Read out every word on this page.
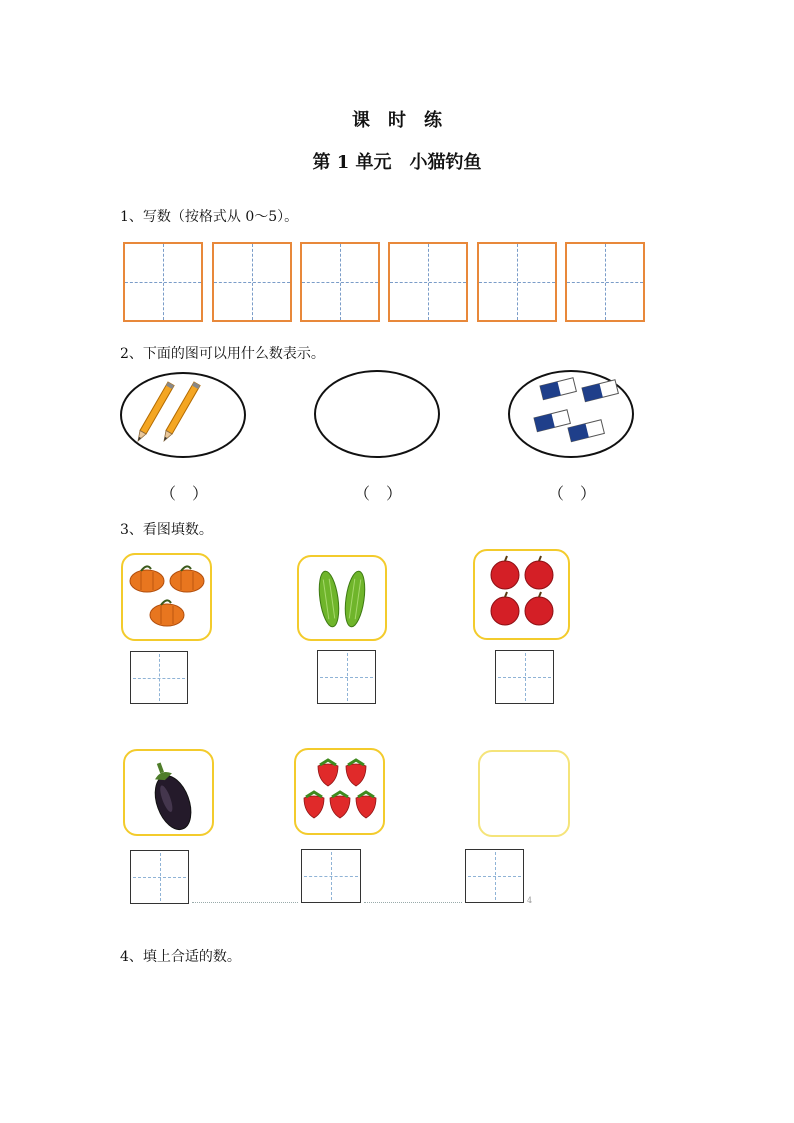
课　时　练
第 1 单元　小猫钓鱼
1、写数（按格式从 0～5）。
2、下面的图可以用什么数表示。
（　）	（　）	（　）
3、看图填数。
4
4、填上合适的数。
